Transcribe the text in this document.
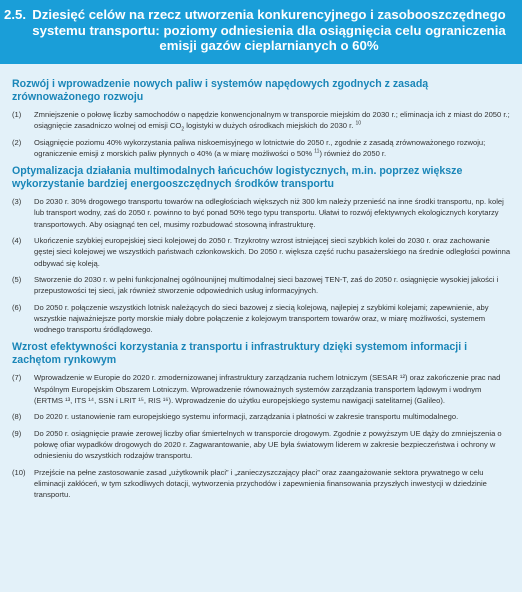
2.5. Dziesięć celów na rzecz utworzenia konkurencyjnego i zasobooszczędnego systemu transportu: poziomy odniesienia dla osiągnięcia celu ograniczenia emisji gazów cieplarnianych o 60%
Rozwój i wprowadzenie nowych paliw i systemów napędowych zgodnych z zasadą zrównoważonego rozwoju
(1)	Zmniejszenie o połowę liczby samochodów o napędzie konwencjonalnym w transporcie miejskim do 2030 r.; eliminacja ich z miast do 2050 r.; osiągnięcie zasadniczo wolnej od emisji $CO_2$ logistyki w dużych ośrodkach miejskich do 2030 r. $^{10}$
(2)	Osiągnięcie poziomu 40% wykorzystania paliwa niskoemisyjnego w lotnictwie do 2050 r., zgodnie z zasadą zrównoważonego rozwoju; ograniczenie emisji z morskich paliw płynnych o 40% (a w miarę możliwości o 50% $^{11}$) również do 2050 r.
Optymalizacja działania multimodalnych łańcuchów logistycznych, m.in. poprzez większe wykorzystanie bardziej energooszczędnych środków transportu
(3)	Do 2030 r. 30% drogowego transportu towarów na odległościach większych niż 300 km należy przenieść na inne środki transportu, np. kolej lub transport wodny, zaś do 2050 r. powinno to być ponad 50% tego typu transportu. Ułatwi to rozwój efektywnych ekologicznych korytarzy transportowych. Aby osiągnąć ten cel, musimy rozbudować stosowną infrastrukturę.
(4)	Ukończenie szybkiej europejskiej sieci kolejowej do 2050 r. Trzykrotny wzrost istniejącej sieci szybkich kolei do 2030 r. oraz zachowanie gęstej sieci kolejowej we wszystkich państwach członkowskich. Do 2050 r. większa część ruchu pasażerskiego na średnie odległości powinna odbywać się koleją.
(5)	Stworzenie do 2030 r. w pełni funkcjonalnej ogólnounijnej multimodalnej sieci bazowej TEN-T, zaś do 2050 r. osiągnięcie wysokiej jakości i przepustowości tej sieci, jak również stworzenie odpowiednich usług informacyjnych.
(6)	Do 2050 r. połączenie wszystkich lotnisk należących do sieci bazowej z siecią kolejową, najlepiej z szybkimi kolejami; zapewnienie, aby wszystkie najważniejsze porty morskie miały dobre połączenie z kolejowym transportem towarów oraz, w miarę możliwości, systemem wodnego transportu śródlądowego.
Wzrost efektywności korzystania z transportu i infrastruktury dzięki systemom informacji i zachętom rynkowym
(7)	Wprowadzenie w Europie do 2020 r. zmodernizowanej infrastruktury zarządzania ruchem lotniczym (SESAR ¹²) oraz zakończenie prac nad Wspólnym Europejskim Obszarem Lotniczym. Wprowadzenie równoważnych systemów zarządzania transportem lądowym i wodnym (ERTMS ¹³, ITS ¹⁴, SSN i LRIT ¹⁵, RIS ¹⁶). Wprowadzenie do użytku europejskiego systemu nawigacji satelitarnej (Galileo).
(8)	Do 2020 r. ustanowienie ram europejskiego systemu informacji, zarządzania i płatności w zakresie transportu multimodalnego.
(9)	Do 2050 r. osiągnięcie prawie zerowej liczby ofiar śmiertelnych w transporcie drogowym. Zgodnie z powyższym UE dąży do zmniejszenia o połowę ofiar wypadków drogowych do 2020 r. Zagwarantowanie, aby UE była światowym liderem w zakresie bezpieczeństwa i ochrony w odniesieniu do wszystkich rodzajów transportu.
(10)	Przejście na pełne zastosowanie zasad „użytkownik płaci” i „zanieczyszczający płaci” oraz zaangażowanie sektora prywatnego w celu eliminacji zakłóceń, w tym szkodliwych dotacji, wytworzenia przychodów i zapewnienia finansowania przyszłych inwestycji w dziedzinie transportu.
